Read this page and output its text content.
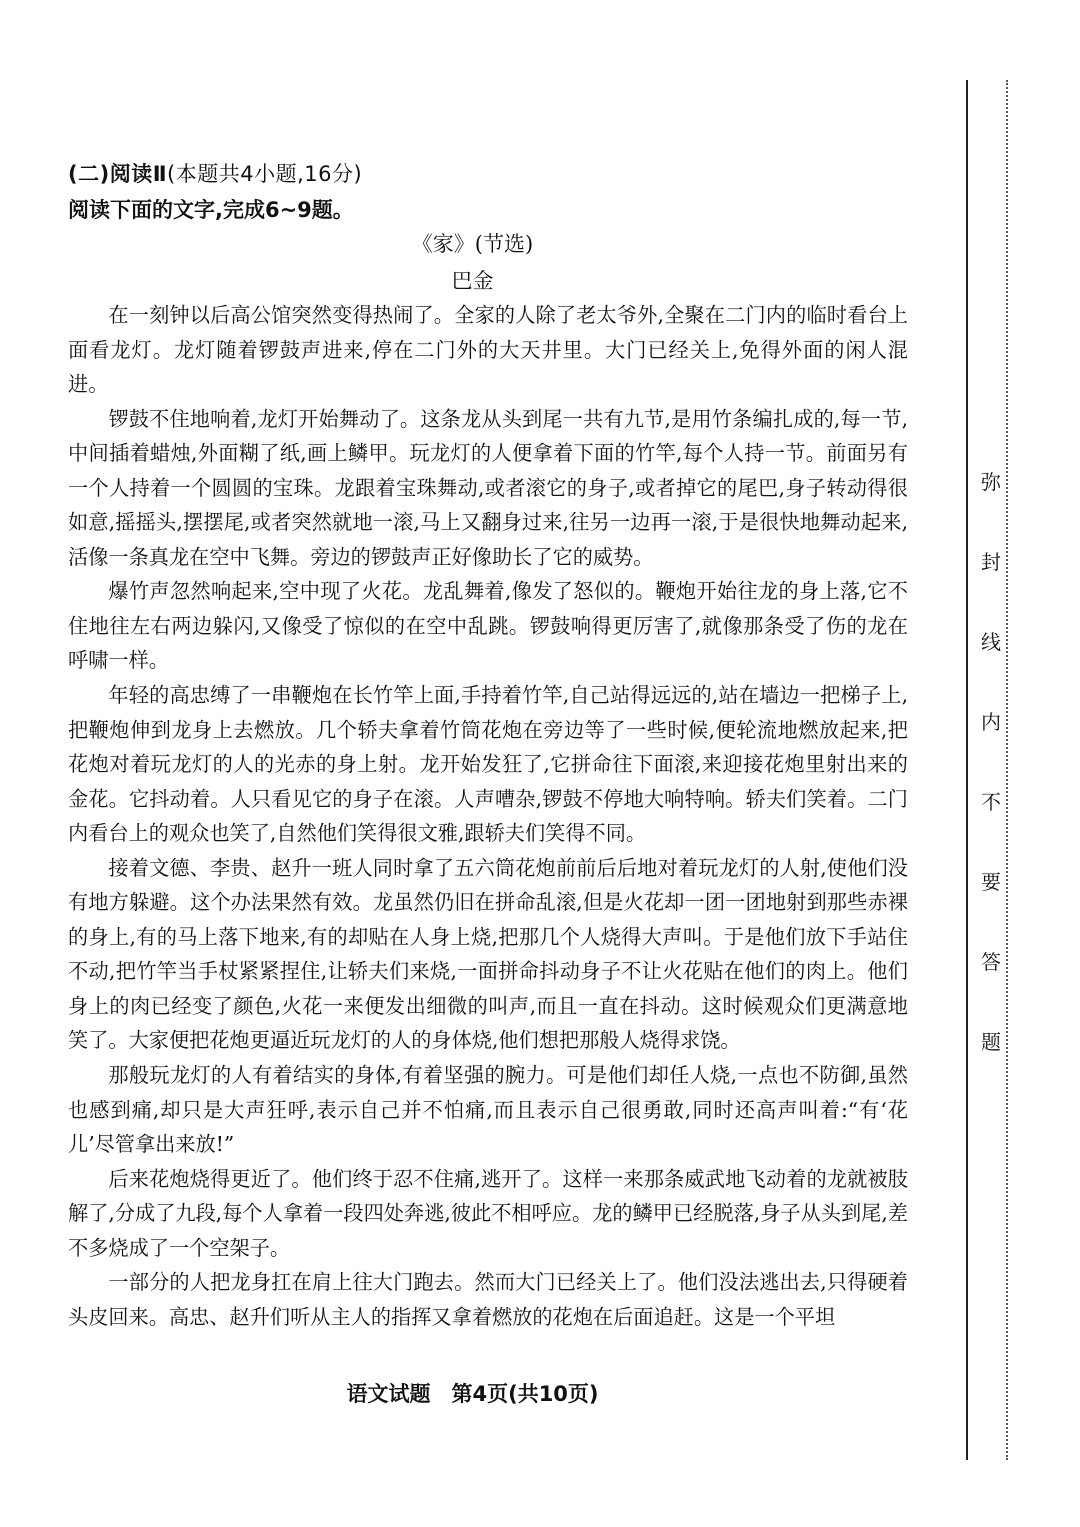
(二)阅读Ⅱ(本题共4小题,16分)
阅读下面的文字,完成6~9题。
《家》(节选)
巴金

在一刻钟以后高公馆突然变得热闹了。全家的人除了老太爷外,全聚在二门内的临时看台上面看龙灯。龙灯随着锣鼓声进来,停在二门外的大天井里。大门已经关上,免得外面的闲人混进。

锣鼓不住地响着,龙灯开始舞动了。这条龙从头到尾一共有九节,是用竹条编扎成的,每一节,中间插着蜡烛,外面糊了纸,画上鳞甲。玩龙灯的人便拿着下面的竹竿,每个人持一节。前面另有一个人持着一个圆圆的宝珠。龙跟着宝珠舞动,或者滚它的身子,或者掉它的尾巴,身子转动得很如意,摇摇头,摆摆尾,或者突然就地一滚,马上又翻身过来,往另一边再一滚,于是很快地舞动起来,活像一条真龙在空中飞舞。旁边的锣鼓声正好像助长了它的威势。

爆竹声忽然响起来,空中现了火花。龙乱舞着,像发了怒似的。鞭炮开始往龙的身上落,它不住地往左右两边躲闪,又像受了惊似的在空中乱跳。锣鼓响得更厉害了,就像那条受了伤的龙在呼啸一样。

年轻的高忠缚了一串鞭炮在长竹竿上面,手持着竹竿,自己站得远远的,站在墙边一把梯子上,把鞭炮伸到龙身上去燃放。几个轿夫拿着竹筒花炮在旁边等了一些时候,便轮流地燃放起来,把花炮对着玩龙灯的人的光赤的身上射。龙开始发狂了,它拼命往下面滚,来迎接花炮里射出来的金花。它抖动着。人只看见它的身子在滚。人声嘈杂,锣鼓不停地大响特响。轿夫们笑着。二门内看台上的观众也笑了,自然他们笑得很文雅,跟轿夫们笑得不同。

接着文德、李贵、赵升一班人同时拿了五六筒花炮前前后后地对着玩龙灯的人射,使他们没有地方躲避。这个办法果然有效。龙虽然仍旧在拼命乱滚,但是火花却一团一团地射到那些赤裸的身上,有的马上落下地来,有的却贴在人身上烧,把那几个人烧得大声叫。于是他们放下手站住不动,把竹竿当手杖紧紧捏住,让轿夫们来烧,一面拼命抖动身子不让火花贴在他们的肉上。他们身上的肉已经变了颜色,火花一来便发出细微的叫声,而且一直在抖动。这时候观众们更满意地笑了。大家便把花炮更逼近玩龙灯的人的身体烧,他们想把那般人烧得求饶。

那般玩龙灯的人有着结实的身体,有着坚强的腕力。可是他们却任人烧,一点也不防御,虽然也感到痛,却只是大声狂呼,表示自己并不怕痛,而且表示自己很勇敢,同时还高声叫着:“有‘花儿’尽管拿出来放!”

后来花炮烧得更近了。他们终于忍不住痛,逃开了。这样一来那条威武地飞动着的龙就被肢解了,分成了九段,每个人拿着一段四处奔逃,彼此不相呼应。龙的鳞甲已经脱落,身子从头到尾,差不多烧成了一个空架子。

一部分的人把龙身扛在肩上往大门跑去。然而大门已经关上了。他们没法逃出去,只得硬着头皮回来。高忠、赵升们听从主人的指挥又拿着燃放的花炮在后面追赶。这是一个平坦

语文试题　第4页(共10页)
弥
封
线
内
不
要
答
题
